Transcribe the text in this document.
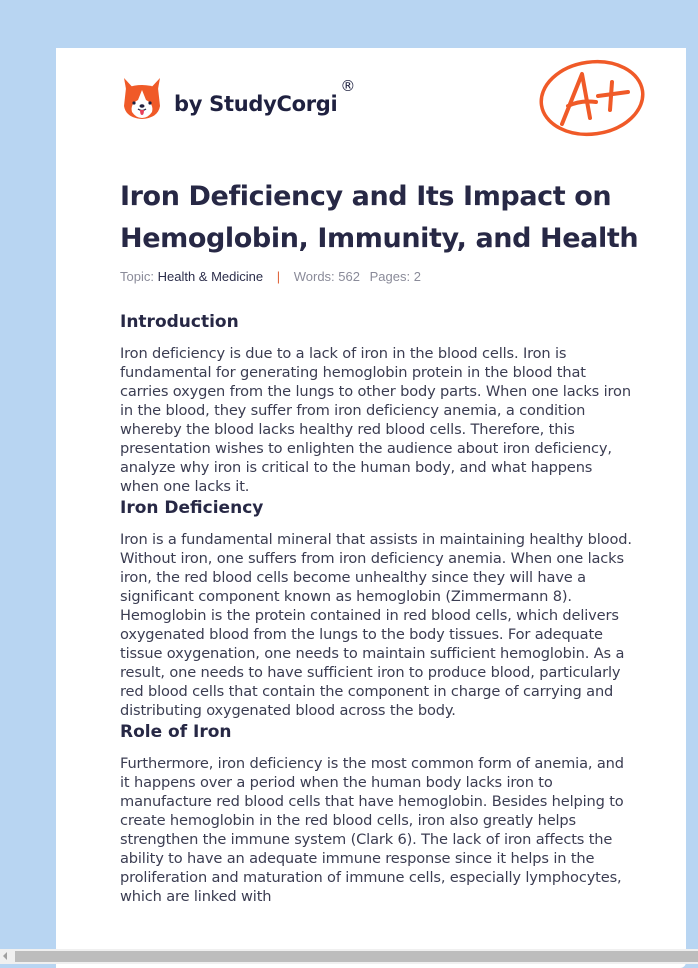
by StudyCorgi
®
Iron Deficiency and Its Impact on Hemoglobin, Immunity, and Health
Topic: Health & Medicine | Words: 562 Pages: 2
Introduction

Iron deficiency is due to a lack of iron in the blood cells. Iron is fundamental for generating hemoglobin protein in the blood that carries oxygen from the lungs to other body parts. When one lacks iron in the blood, they suffer from iron deficiency anemia, a condition whereby the blood lacks healthy red blood cells. Therefore, this presentation wishes to enlighten the audience about iron deficiency, analyze why iron is critical to the human body, and what happens when one lacks it.

Iron Deficiency

Iron is a fundamental mineral that assists in maintaining healthy blood. Without iron, one suffers from iron deficiency anemia. When one lacks iron, the red blood cells become unhealthy since they will have a significant component known as hemoglobin (Zimmermann 8). Hemoglobin is the protein contained in red blood cells, which delivers oxygenated blood from the lungs to the body tissues. For adequate tissue oxygenation, one needs to maintain sufficient hemoglobin. As a result, one needs to have sufficient iron to produce blood, particularly red blood cells that contain the component in charge of carrying and distributing oxygenated blood across the body.

Role of Iron

Furthermore, iron deficiency is the most common form of anemia, and it happens over a period when the human body lacks iron to manufacture red blood cells that have hemoglobin. Besides helping to create hemoglobin in the red blood cells, iron also greatly helps strengthen the immune system (Clark 6). The lack of iron affects the ability to have an adequate immune response since it helps in the proliferation and maturation of immune cells, especially lymphocytes, which are linked with
